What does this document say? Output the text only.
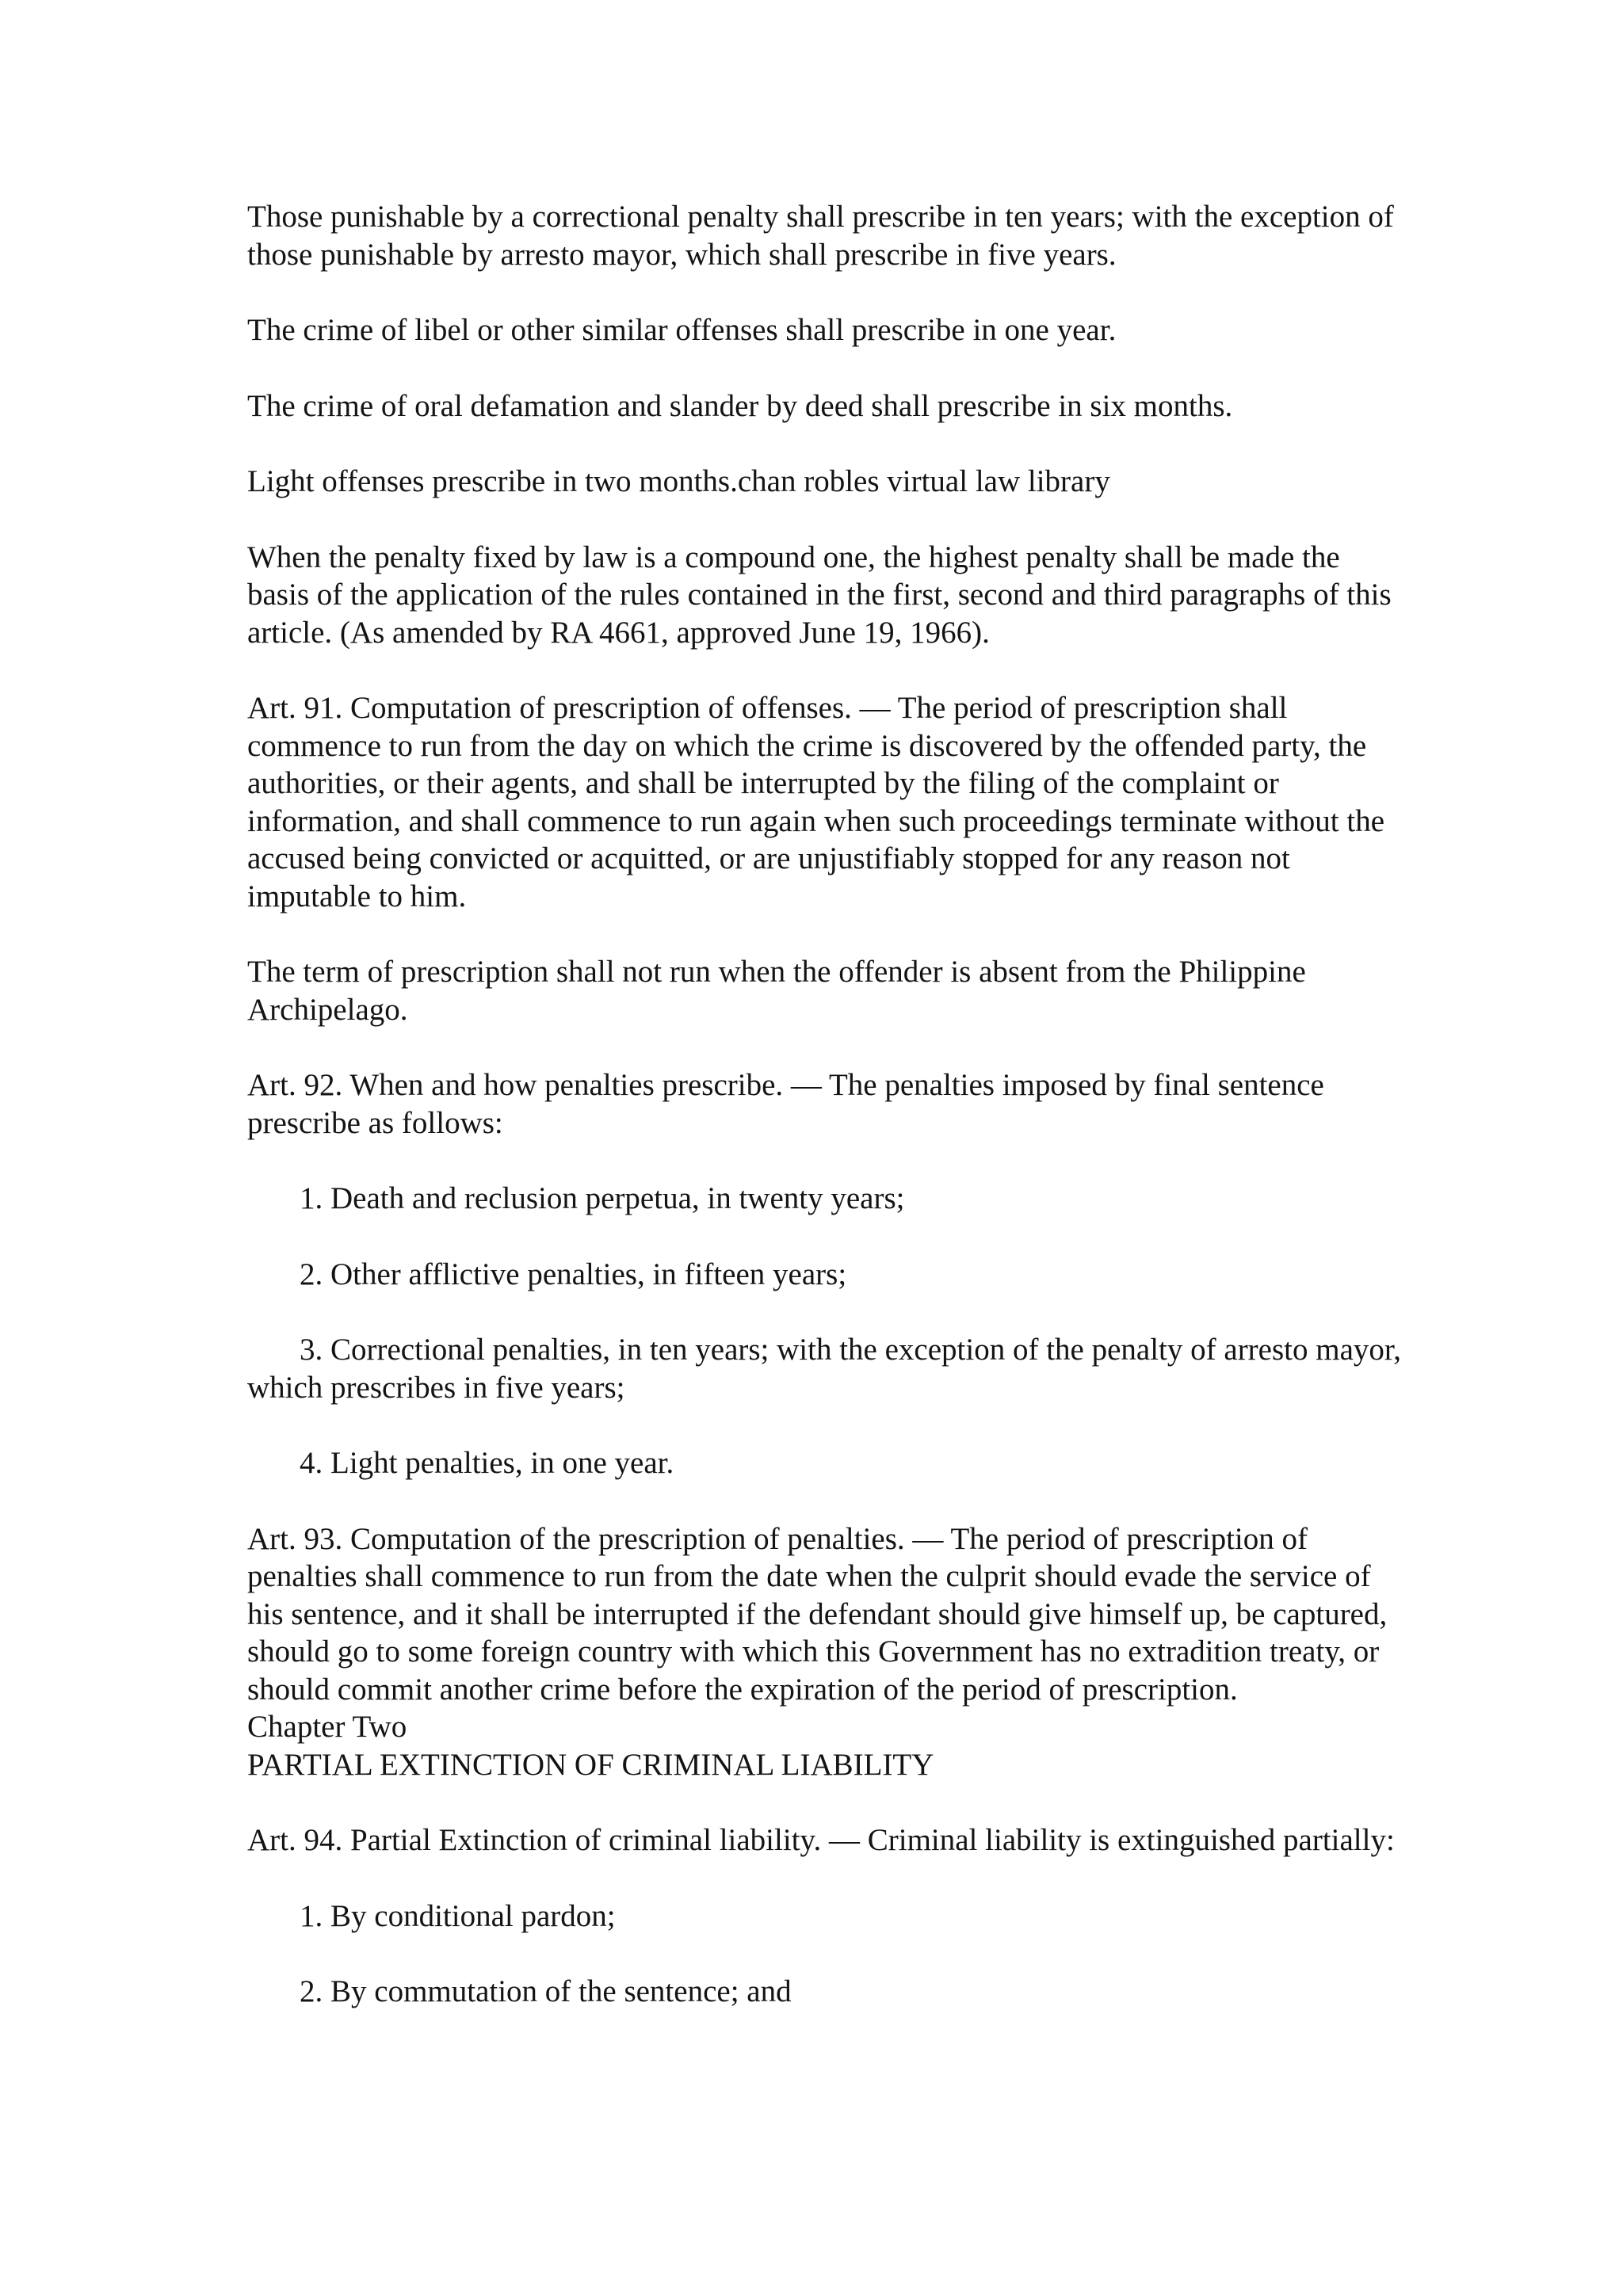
Those punishable by a correctional penalty shall prescribe in ten years; with the exception of those punishable by arresto mayor, which shall prescribe in five years.

The crime of libel or other similar offenses shall prescribe in one year.

The crime of oral defamation and slander by deed shall prescribe in six months.

Light offenses prescribe in two months.chan robles virtual law library

When the penalty fixed by law is a compound one, the highest penalty shall be made the basis of the application of the rules contained in the first, second and third paragraphs of this article. (As amended by RA 4661, approved June 19, 1966).

Art. 91. Computation of prescription of offenses. — The period of prescription shall commence to run from the day on which the crime is discovered by the offended party, the authorities, or their agents, and shall be interrupted by the filing of the complaint or information, and shall commence to run again when such proceedings terminate without the accused being convicted or acquitted, or are unjustifiably stopped for any reason not imputable to him.

The term of prescription shall not run when the offender is absent from the Philippine Archipelago.

Art. 92. When and how penalties prescribe. — The penalties imposed by final sentence prescribe as follows:

1. Death and reclusion perpetua, in twenty years;

2. Other afflictive penalties, in fifteen years;

3. Correctional penalties, in ten years; with the exception of the penalty of arresto mayor, which prescribes in five years;

4. Light penalties, in one year.

Art. 93. Computation of the prescription of penalties. — The period of prescription of penalties shall commence to run from the date when the culprit should evade the service of his sentence, and it shall be interrupted if the defendant should give himself up, be captured, should go to some foreign country with which this Government has no extradition treaty, or should commit another crime before the expiration of the period of prescription.

Chapter Two

PARTIAL EXTINCTION OF CRIMINAL LIABILITY

Art. 94. Partial Extinction of criminal liability. — Criminal liability is extinguished partially:

1. By conditional pardon;

2. By commutation of the sentence; and
